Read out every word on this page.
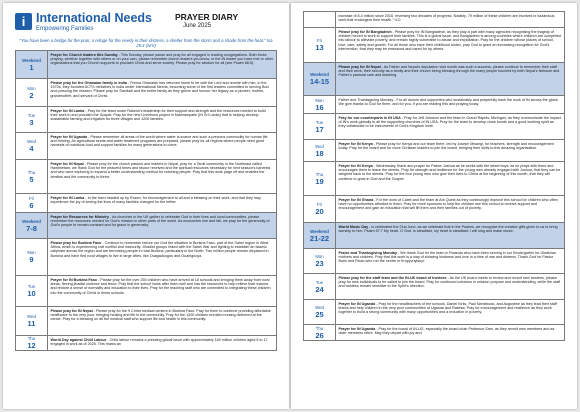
i International Needs
Empowering Families
PRAYER DIARY
June 2025
"You have been a bridge for the poor, a refuge for the needy in their distress, a shelter from the storm and a shade from the heat." Isa 25:4 (NIV)
Weekend
1
Prayer for Church leaders this Sunday - This Sunday, please pause and pray for all engaged in leading congregations. Both those praying, whether together with others or on your own, please remember church leaders you know, or the IN leader you have met or other organisations that you Church supports to proclaim Christ and serve society. Please pray for wisdom for all (see Psalm 68:5).
Mon
2
Please pray for the Ghanaian family in India - Prema Ghanaian has returned home to be with the Lord and reunite with him, in the 1970s, they founded ACTS ministries in India under International Needs, becoming some of the first leaders committed to serving Bod and pursuing the mission. Please pray for Sanibati and the entire family as they grieve and honour her legacy as a pioneer, mother, grandmother, and servant of Christ.
Tue
3
Prayer for IN Lanka - Pray for the team under Rakesh's leadership for their support and strength and the resources needed to build their work in and proclaim the Gospel. Pray for the new Livelihood project in Mannampalle (IN Sri Lanka) that is helping develop sustainable farming and irrigation for three villages and 1200 families.
Wed
4
Prayer for IN Uganda - Please remember all areas of the world where water is scarce and such a precious commodity for human life and thriving. As agricultural seeds and water treatment programs are prepared, please pray for all regions where people need good harvests of nutritious food and support families for many generations to come.
Thu
5
Prayer for IN Nepal - Please pray for the church pastors and leaders in Nepal, pray for a Tamil community in the Northeast called Hawtinetam, we thank God for the peaceful times and favour received and the spiritual resources necessary for next season's harvests and who were exploring to expand a better understanding method for reaching people. Pray that this work page off and enables the families and the community to thrive.
Fri
6
Prayer for IN Lanka - In the town headed up by Rosen, for encouragement to all and a blessing on their work, and that they may experience the joy of seeing the lives of many families changed for the better.
Weekend
7-8
Prayer for Resources for Ministry - As churches in the UK gather to celebrate God in their lives and local communities, please remember the resources needed for God's mission in other parts of the world. As economies rise and fall, we pray for the generosity of God's people to remain constant and for grace in generosity.
Mon
9
Please pray for Burkina Faso - Continue to remember before our God the situation in Burkina Faso, part of the Sahel region in West Africa, which is experiencing civil conflict and insecurity. Jihadist groups linked with the Sahel War and fighting to establish an Islamic caliphate across the region and are terrorising people in rural Burkina, particularly in the North. Two million people remain displaced in Burkina and have fled rural villages to live in large cities, like Ouagadougou and Ouahigouya.
Tue
10
Prayer for IN Burkina Faso - Please pray for the over 250 children who have arrived at 18 schools and bringing them away from rural areas, fleeing jihadist violence and terror. Pray that the school looks after them well and has the resources to help relieve their trauma and restore a sense of normality and education to their lives. Pray for the teaching staff who are committed to integrating these children into the community of Christ in these schools.
Wed
11
Please pray for IN Nepal - Please pray for the 9 Christ medical centers in Burkina Faso: Pray for them to continue providing affordable healthcare to the very poor, bringing healing and life to the community. Pray for the 1300 children enrolled nursing delivered at the center. Pray for a blessing on all the medical staff who support life and health in this community.
Thu
12
World Day against Child Labour - Child labour remains a pressing global issue with approximately 160 million children aged 5 to 17 engaged in work as of 2025. This marks an
increase of 8.4 million since 2016, reversing two decades of progress. Notably, 79 million of these children are involved in hazardous work that endangers their health." ILO
Fri
13
Please pray for IN Bangladesh - Please pray for IN Bangladesh, as they play a part with many agencies recognising the tragedy of children forced to work to support their families. This is a global issue, and Bangladesh is among countries where children are compelled into labour to alleviate poverty, and remain highly vulnerable to abuse and exploitation. Pray for the children whose places of school, love, care, safety and growth. For all those who have their childhood stolen, pray God to grant an increasing recognition for God's intervention, that they may be embraced and cared for by others.
Weekend
14-15
Please pray for IN Nepal - As Father and Nepal's deputation visit month was such a success, please continue to remember their staff and their work, their security as a family and their church being blessing through the many people touched by both Nepal's Network and Father's pastoral care and teaching.
Mon
16
Father and Thanksgiving Monday - For all donors and supporters who sustainably and prayerfully back the work of IN across the globe. We give thanks to God for them, and for you, if you are reading this and praying today.
Tue
17
Pray for our counterparts in IN USA - Pray for Jeff Johnson and the team in Grand Rapids, Michigan, as they communicate the impact of IN's work globally to all the supporting churches of IN USA. Pray for the team to develop close bonds and a good working spirit as they collaborate to be instruments of God's Kingdom work.
Wed
18
Prayer for IN Kenya - Please pray for Kenya and our team there, led by Joseph Mwangi, for teachers, strength and encouragement today. Pray for the board and for more Christian leaders to join the board, bringing their skills to this amazing organisation.
Thu
19
Prayer for IN Kenya - Wednesday, thank and prayer for Pastor Joshua as he works with the street boys, as he prays with them and encourages them to leave the streets. Pray for strength and resilience for the young men already engaged with Joshua, that they can be weighed back to the streets. Pray for the four young men who give their lives to Christ at the beginning of this month, that they will continue to grow in God and the Gospel.
Fri
20
Prayer for IN Ghana - For the work of Caleb and the team at Ark Quest as they continuingly improve this school for children who often have no opportunities afforded to them. Pray for more sponsors to help the children see this school to receive support and encouragement and gain an education that will lift them and their families out of poverty.
Weekend
21-22
World Music Day - is celebrated the 21st June, as we celebrate that in the Psalms, we recognise the creative gifts given to us to bring worship to him. Psalm 57:7 My heart, O God, is steadfast, my heart is steadfast; I will sing and make music.
Mon
23
Praise and Thanksgiving Monday - We thank God for the team in Rwanda who have been serving in our Kindergarten for Ukrainian mothers and children. Pray that this work is a way of showing kindness and love in a time of war and distress. Thank God for Pastor Boris and Paulo who run the centre in Kropyvnytskyi.
Tue
24
Please pray for the staff team and the IN-UK board of trustees - As the UK board meets to review and recruit new trustees, please pray for new individuals to be called to join the board. Pray for continued cohesion in mission purpose and understanding, while the staff and trustees remain sensitive to the Spirit's direction.
Wed
25
Prayer for IN Uganda - Pray for the headteachers of the schools, Daniel Kirks, Paul Namiboolo, and Augustine as they lead their staff teams and help children in the very poor communities of Uganda and Rakesa. Pray for encouragement and resilience as they work together to build a strong community with many opportunities and a reduction in poverty.
Thu
26
Prayer for IN Uganda - Pray for the board of IN-UG, especially the board chair Professor Sam, as they recruit new members and as older members retire. May they depart with joy and
